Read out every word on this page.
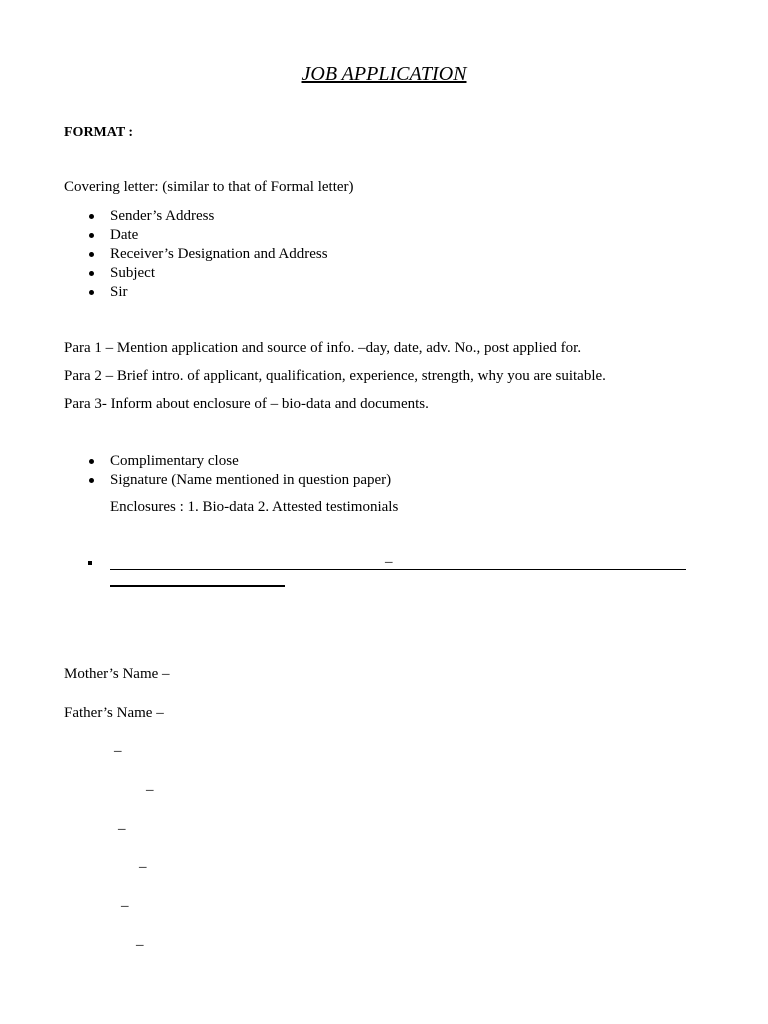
JOB APPLICATION
FORMAT :
Covering letter: (similar to that of Formal letter)
Sender’s Address
Date
Receiver’s Designation and Address
Subject
Sir
Para 1 – Mention application and source of info. –day, date, adv. No., post applied for.
Para 2 – Brief intro. of applicant, qualification, experience, strength, why you are suitable.
Para 3- Inform about enclosure of – bio-data and documents.
Complimentary close
Signature (Name mentioned in question paper)
Enclosures : 1. Bio-data 2. Attested testimonials
–
Mother’s Name –
Father’s Name –
–
–
–
–
–
–
